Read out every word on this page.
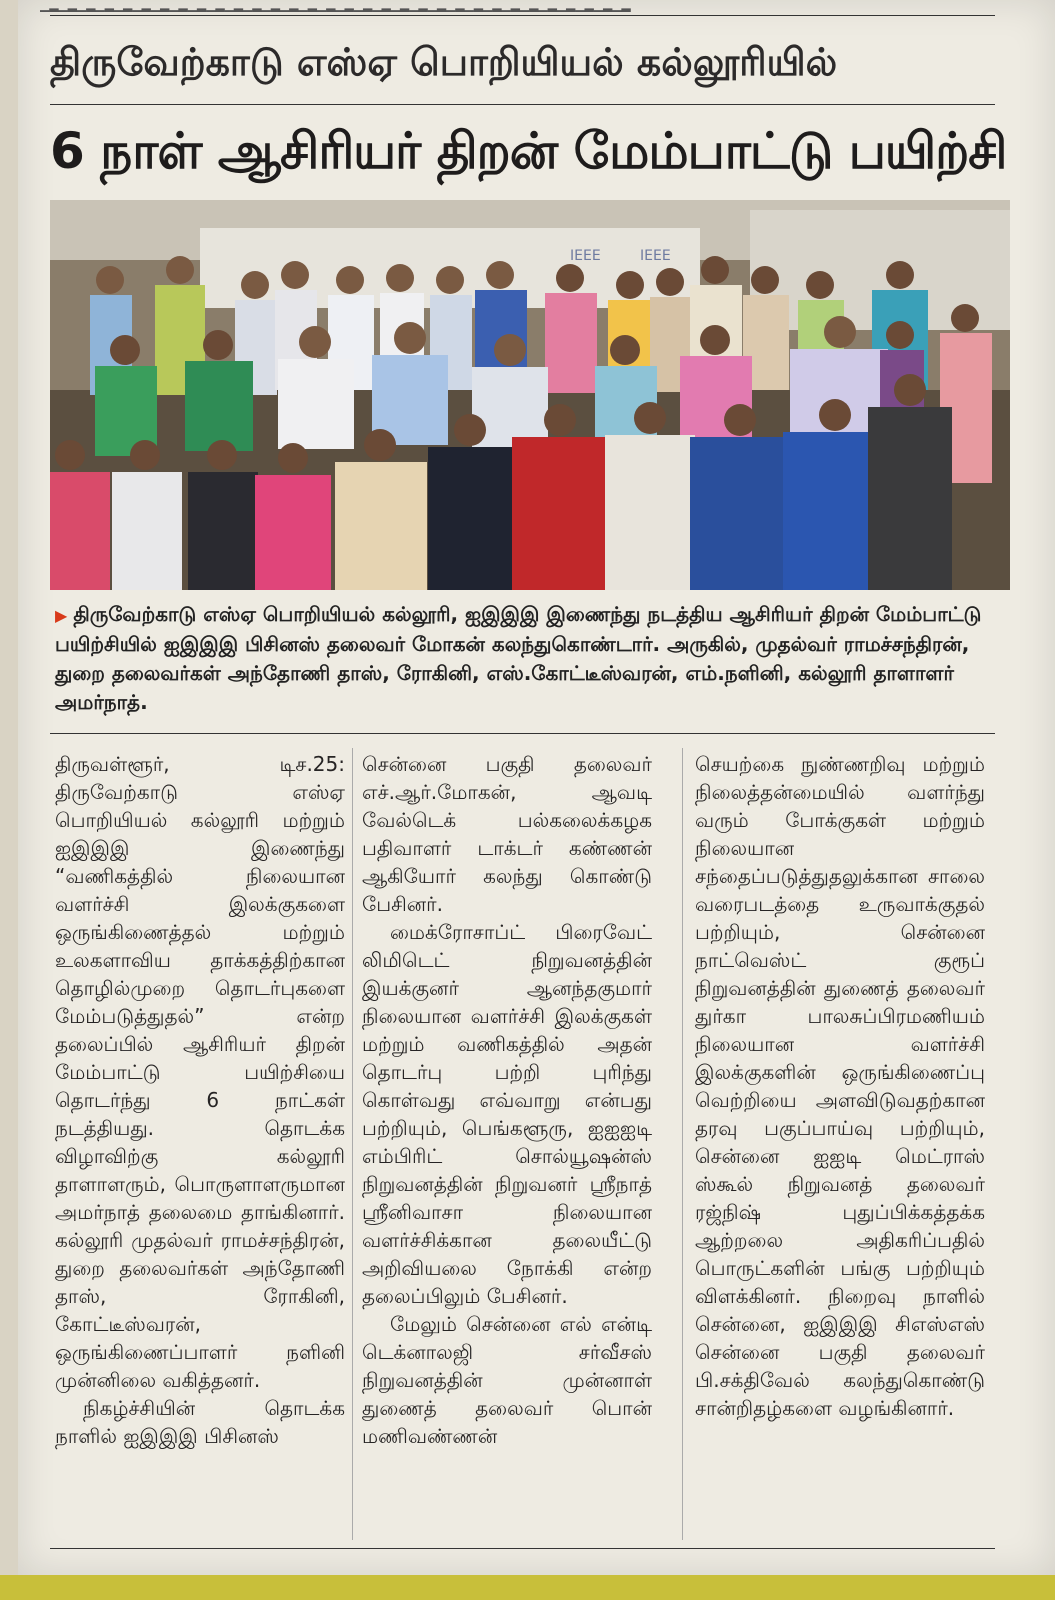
▁▂▁▂▁▂▁▂▁▂▁▂▁▂▁▂▁▂▁▂▁▂▁▂▁▂▁▂▁▂▁▂▁▂▁▂▁▂▁▂▁▂▁▂▁▂▁▂▁▂▁▂▁▂▁▂▁▂▁▂▁▂▁▂
திருவேற்காடு எஸ்ஏ பொறியியல் கல்லூரியில்
6 நாள் ஆசிரியர் திறன் மேம்பாட்டு பயிற்சி
IEEE	IEEE
▶ திருவேற்காடு எஸ்ஏ பொறியியல் கல்லூரி, ஐஇஇஇ இணைந்து நடத்திய ஆசிரியர் திறன் மேம்பாட்டு பயிற்சியில் ஐஇஇஇ பிசினஸ் தலைவர் மோகன் கலந்துகொண்டார். அருகில், முதல்வர் ராமச்சந்திரன், துறை தலைவர்கள் அந்தோணி தாஸ், ரோகினி, எஸ்.கோட்டீஸ்வரன், எம்.நளினி, கல்லூரி தாளாளர் அமர்நாத்.

திருவள்ளூர், டிச.25: திருவேற்காடு எஸ்ஏ பொறியியல் கல்லூரி மற்றும் ஐஇஇஇ இணைந்து “வணிகத்தில் நிலையான வளர்ச்சி இலக்குகளை ஒருங்கிணைத்தல் மற்றும் உலகளாவிய தாக்கத்திற்கான தொழில்முறை தொடர்புகளை மேம்படுத்துதல்” என்ற தலைப்பில் ஆசிரியர் திறன் மேம்பாட்டு பயிற்சியை தொடர்ந்து 6 நாட்கள் நடத்தியது. தொடக்க விழாவிற்கு கல்லூரி தாளாளரும், பொருளாளருமான அமர்நாத் தலைமை தாங்கினார். கல்லூரி முதல்வர் ராமச்சந்திரன், துறை தலைவர்கள் அந்தோணி தாஸ், ரோகினி, கோட்டீஸ்வரன், ஒருங்கிணைப்பாளர் நளினி முன்னிலை வகித்தனர்.

நிகழ்ச்சியின் தொடக்க நாளில் ஐஇஇஇ பிசினஸ்

சென்னை பகுதி தலைவர் எச்.ஆர்.மோகன், ஆவடி வேல்டெக் பல்கலைக்கழக பதிவாளர் டாக்டர் கண்ணன் ஆகியோர் கலந்து கொண்டு பேசினர்.

மைக்ரோசாப்ட் பிரைவேட் லிமிடெட் நிறுவனத்தின் இயக்குனர் ஆனந்தகுமார் நிலையான வளர்ச்சி இலக்குகள் மற்றும் வணிகத்தில் அதன் தொடர்பு பற்றி புரிந்து கொள்வது எவ்வாறு என்பது பற்றியும், பெங்களூரு, ஐஐஐடி எம்பிரிட் சொல்யூஷன்ஸ் நிறுவனத்தின் நிறுவனர் ஸ்ரீநாத் ஸ்ரீனிவாசா நிலையான வளர்ச்சிக்கான தலையீட்டு அறிவியலை நோக்கி என்ற தலைப்பிலும் பேசினர்.

மேலும் சென்னை எல் என்டி டெக்னாலஜி சர்வீசஸ் நிறுவனத்தின் முன்னாள் துணைத் தலைவர் பொன் மணிவண்ணன்

செயற்கை நுண்ணறிவு மற்றும் நிலைத்தன்மையில் வளர்ந்து வரும் போக்குகள் மற்றும் நிலையான சந்தைப்படுத்துதலுக்கான சாலை வரைபடத்தை உருவாக்குதல் பற்றியும், சென்னை நாட்வெஸ்ட் குரூப் நிறுவனத்தின் துணைத் தலைவர் துர்கா பாலசுப்பிரமணியம் நிலையான வளர்ச்சி இலக்குகளின் ஒருங்கிணைப்பு வெற்றியை அளவிடுவதற்கான தரவு பகுப்பாய்வு பற்றியும், சென்னை ஐஐடி மெட்ராஸ் ஸ்கூல் நிறுவனத் தலைவர் ரஜ்நிஷ் புதுப்பிக்கத்தக்க ஆற்றலை அதிகரிப்பதில் பொருட்களின் பங்கு பற்றியும் விளக்கினர். நிறைவு நாளில் சென்னை, ஐஇஇஇ சிஎஸ்எஸ் சென்னை பகுதி தலைவர் பி.சக்திவேல் கலந்துகொண்டு சான்றிதழ்களை வழங்கினார்.
